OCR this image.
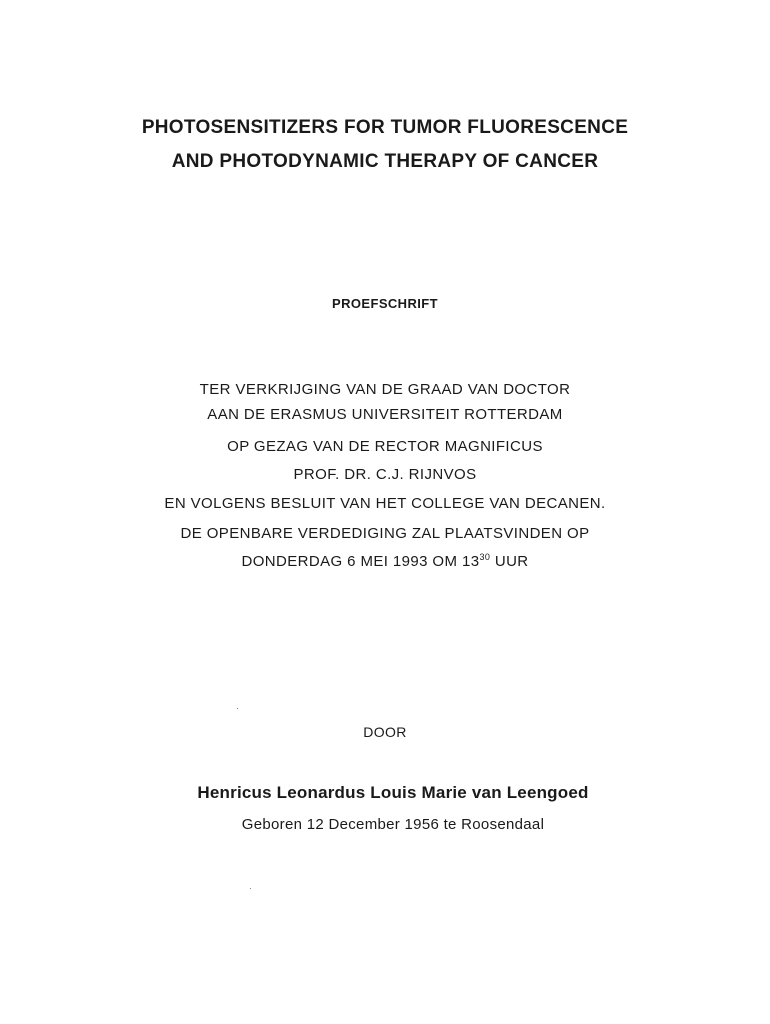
PHOTOSENSITIZERS FOR TUMOR FLUORESCENCE
AND PHOTODYNAMIC THERAPY OF CANCER
PROEFSCHRIFT
TER VERKRIJGING VAN DE GRAAD VAN DOCTOR
AAN DE ERASMUS UNIVERSITEIT ROTTERDAM
OP GEZAG VAN DE RECTOR MAGNIFICUS
PROF. DR. C.J. RIJNVOS
EN VOLGENS BESLUIT VAN HET COLLEGE VAN DECANEN.
DE OPENBARE VERDEDIGING ZAL PLAATSVINDEN OP
DONDERDAG 6 MEI 1993 OM $13^{30}$ UUR
DOOR
Henricus Leonardus Louis Marie van Leengoed
Geboren 12 December 1956 te Roosendaal
